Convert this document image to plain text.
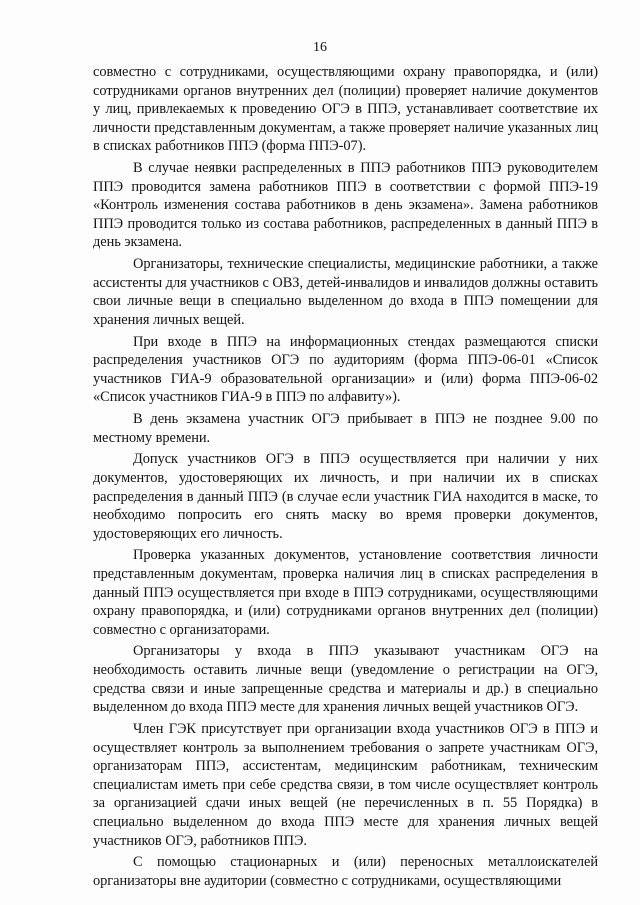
16

совместно с сотрудниками, осуществляющими охрану правопорядка, и (или) сотрудниками органов внутренних дел (полиции) проверяет наличие документов у лиц, привлекаемых к проведению ОГЭ в ППЭ, устанавливает соответствие их личности представленным документам, а также проверяет наличие указанных лиц в списках работников ППЭ (форма ППЭ-07).

В случае неявки распределенных в ППЭ работников ППЭ руководителем ППЭ проводится замена работников ППЭ в соответствии с формой ППЭ-19 «Контроль изменения состава работников в день экзамена». Замена работников ППЭ проводится только из состава работников, распределенных в данный ППЭ в день экзамена.

Организаторы, технические специалисты, медицинские работники, а также ассистенты для участников с ОВЗ, детей-инвалидов и инвалидов должны оставить свои личные вещи в специально выделенном до входа в ППЭ помещении для хранения личных вещей.

При входе в ППЭ на информационных стендах размещаются списки распределения участников ОГЭ по аудиториям (форма ППЭ-06-01 «Список участников ГИА-9 образовательной организации» и (или) форма ППЭ-06-02 «Список участников ГИА-9 в ППЭ по алфавиту»).

В день экзамена участник ОГЭ прибывает в ППЭ не позднее 9.00 по местному времени.

Допуск участников ОГЭ в ППЭ осуществляется при наличии у них документов, удостоверяющих их личность, и при наличии их в списках распределения в данный ППЭ (в случае если участник ГИА находится в маске, то необходимо попросить его снять маску во время проверки документов, удостоверяющих его личность.

Проверка указанных документов, установление соответствия личности представленным документам, проверка наличия лиц в списках распределения в данный ППЭ осуществляется при входе в ППЭ сотрудниками, осуществляющими охрану правопорядка, и (или) сотрудниками органов внутренних дел (полиции) совместно с организаторами.

Организаторы у входа в ППЭ указывают участникам ОГЭ на необходимость оставить личные вещи (уведомление о регистрации на ОГЭ, средства связи и иные запрещенные средства и материалы и др.) в специально выделенном до входа ППЭ месте для хранения личных вещей участников ОГЭ.

Член ГЭК присутствует при организации входа участников ОГЭ в ППЭ и осуществляет контроль за выполнением требования о запрете участникам ОГЭ, организаторам ППЭ, ассистентам, медицинским работникам, техническим специалистам иметь при себе средства связи, в том числе осуществляет контроль за организацией сдачи иных вещей (не перечисленных в п. 55 Порядка) в специально выделенном до входа ППЭ месте для хранения личных вещей участников ОГЭ, работников ППЭ.

С помощью стационарных и (или) переносных металлоискателей организаторы вне аудитории (совместно с сотрудниками, осуществляющими
